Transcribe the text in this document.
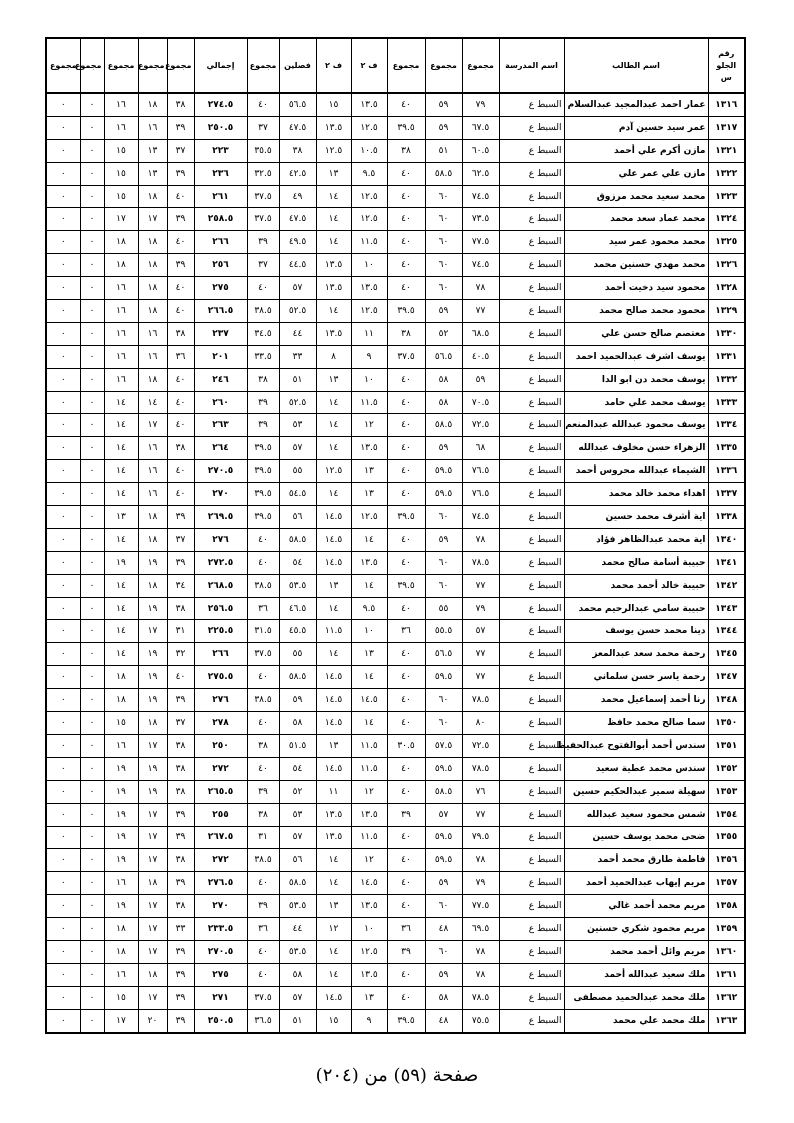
رقم الجلو س	اسم الطالب	اسم المدرسة	مجموع	مجموع	مجموع	ف ٢	ف ٢	فصلين	مجموع	إجمالي	مجموع	مجموع	مجموع	مجموع	مجموع
١٣١٦	عمار احمد عبدالمجيد عبدالسلام	السبط ع	٧٩	٥٩	٤٠	١٣.٥	١٥	٥٦.٥	٤٠	٢٧٤.٥	٣٨	١٨	١٦	٠	٠
١٣١٧	عمر سيد حسين آدم	السبط ع	٦٧.٥	٥٩	٣٩.٥	١٢.٥	١٣.٥	٤٧.٥	٣٧	٢٥٠.٥	٣٩	١٦	١٦	٠	٠
١٣٢١	مازن أكرم علي أحمد	السبط ع	٦٠.٥	٥١	٣٨	١٠.٥	١٢.٥	٣٨	٣٥.٥	٢٢٣	٣٧	١٣	١٥	٠	٠
١٣٢٢	مازن علي عمر علي	السبط ع	٦٢.٥	٥٨.٥	٤٠	٩.٥	١٣	٤٢.٥	٣٢.٥	٢٣٦	٣٩	١٣	١٥	٠	٠
١٣٢٣	محمد سعيد محمد مرزوق	السبط ع	٧٤.٥	٦٠	٤٠	١٢.٥	١٤	٤٩	٣٧.٥	٢٦١	٤٠	١٨	١٥	٠	٠
١٣٢٤	محمد عماد سعد محمد	السبط ع	٧٣.٥	٦٠	٤٠	١٢.٥	١٤	٤٧.٥	٣٧.٥	٢٥٨.٥	٣٩	١٧	١٧	٠	٠
١٣٢٥	محمد محمود عمر سيد	السبط ع	٧٧.٥	٦٠	٤٠	١١.٥	١٤	٤٩.٥	٣٩	٢٦٦	٤٠	١٨	١٨	٠	٠
١٣٢٦	محمد مهدي حسنين محمد	السبط ع	٧٤.٥	٦٠	٤٠	١٠	١٣.٥	٤٤.٥	٣٧	٢٥٦	٣٩	١٨	١٨	٠	٠
١٣٢٨	محمود سيد دخيت أحمد	السبط ع	٧٨	٦٠	٤٠	١٣.٥	١٣.٥	٥٧	٤٠	٢٧٥	٤٠	١٨	١٦	٠	٠
١٣٢٩	محمود محمد صالح محمد	السبط ع	٧٧	٥٩	٣٩.٥	١٢.٥	١٤	٥٢.٥	٣٨.٥	٢٦٦.٥	٤٠	١٨	١٦	٠	٠
١٣٣٠	معتصم صالح حسن علي	السبط ع	٦٨.٥	٥٢	٣٨	١١	١٣.٥	٤٤	٣٤.٥	٢٣٧	٣٨	١٦	١٦	٠	٠
١٣٣١	يوسف اشرف عبدالحميد احمد	السبط ع	٤٠.٥	٥٦.٥	٣٧.٥	٩	٨	٣٣	٣٣.٥	٢٠١	٣٦	١٦	١٦	٠	٠
١٣٣٢	يوسف محمد دن ابو الدا	السبط ع	٥٩	٥٨	٤٠	١٠	١٣	٥١	٣٨	٢٤٦	٤٠	١٨	١٦	٠	٠
١٣٣٣	يوسف محمد علي حامد	السبط ع	٧٠.٥	٥٨	٤٠	١١.٥	١٤	٥٢.٥	٣٩	٢٦٠	٤٠	١٤	١٤	٠	٠
١٣٣٤	يوسف محمود عبدالله عبدالمنعم	السبط ع	٧٢.٥	٥٨.٥	٤٠	١٢	١٤	٥٣	٣٩	٢٦٣	٤٠	١٧	١٤	٠	٠
١٣٣٥	الزهراء حسن مخلوف عبدالله	السبط ع	٦٨	٥٩	٤٠	١٣.٥	١٤	٥٧	٣٩.٥	٢٦٤	٣٨	١٦	١٤	٠	٠
١٣٣٦	الشيماء عبدالله محروس أحمد	السبط ع	٧٦.٥	٥٩.٥	٤٠	١٣	١٢.٥	٥٥	٣٩.٥	٢٧٠.٥	٤٠	١٦	١٤	٠	٠
١٣٣٧	اهداء محمد خالد محمد	السبط ع	٧٦.٥	٥٩.٥	٤٠	١٣	١٤	٥٤.٥	٣٩.٥	٢٧٠	٤٠	١٦	١٤	٠	٠
١٣٣٨	اية أشرف محمد حسين	السبط ع	٧٤.٥	٦٠	٣٩.٥	١٢.٥	١٤.٥	٥٦	٣٩.٥	٢٦٩.٥	٣٩	١٨	١٣	٠	٠
١٣٤٠	اية محمد عبدالظاهر فؤاد	السبط ع	٧٨	٥٩	٤٠	١٤	١٤.٥	٥٨.٥	٤٠	٢٧٦	٣٧	١٨	١٤	٠	٠
١٣٤١	حبيبة أسامة صالح محمد	السبط ع	٧٨.٥	٦٠	٤٠	١٣.٥	١٤.٥	٥٤	٤٠	٢٧٢.٥	٣٩	١٩	١٩	٠	٠
١٣٤٢	حبيبة خالد أحمد محمد	السبط ع	٧٧	٦٠	٣٩.٥	١٤	١٣	٥٣.٥	٣٨.٥	٢٦٨.٥	٣٤	١٨	١٤	٠	٠
١٣٤٣	حبيبة سامي عبدالرحيم محمد	السبط ع	٧٩	٥٥	٤٠	٩.٥	١٤	٤٦.٥	٣٦	٢٥٦.٥	٣٨	١٩	١٤	٠	٠
١٣٤٤	دينا محمد حسن يوسف	السبط ع	٥٧	٥٥.٥	٣٦	١٠	١١.٥	٤٥.٥	٣١.٥	٢٢٥.٥	٣١	١٧	١٤	٠	٠
١٣٤٥	رحمة محمد سعد عبدالمعز	السبط ع	٧٧	٥٦.٥	٤٠	١٣	١٤	٥٥	٣٧.٥	٢٦٦	٣٢	١٩	١٤	٠	٠
١٣٤٧	رحمة ياسر حسن سلماني	السبط ع	٧٧	٥٩.٥	٤٠	١٤	١٤.٥	٥٨.٥	٤٠	٢٧٥.٥	٤٠	١٩	١٨	٠	٠
١٣٤٨	رنا أحمد إسماعيل محمد	السبط ع	٧٨.٥	٦٠	٤٠	١٤.٥	١٤.٥	٥٩	٣٨.٥	٢٧٦	٣٩	١٩	١٨	٠	٠
١٣٥٠	سما صالح محمد حافظ	السبط ع	٨٠	٦٠	٤٠	١٤	١٤.٥	٥٨	٤٠	٢٧٨	٣٧	١٨	١٥	٠	٠
١٣٥١	سندس أحمد أبوالفتوح عبدالحفيظ	السبط ع	٧٢.٥	٥٧.٥	٣٠.٥	١١.٥	١٣	٥١.٥	٣٨	٢٥٠	٣٨	١٧	١٦	٠	٠
١٣٥٢	سندس محمد عطية سعيد	السبط ع	٧٨.٥	٥٩.٥	٤٠	١١.٥	١٤.٥	٥٤	٤٠	٢٧٢	٣٨	١٩	١٩	٠	٠
١٣٥٣	سهيلة سمير عبدالحكيم حسين	السبط ع	٧٦	٥٨.٥	٤٠	١٢	١١	٥٢	٣٩	٢٦٥.٥	٣٨	١٩	١٩	٠	٠
١٣٥٤	شمس محمود سعيد عبدالله	السبط ع	٧٧	٥٧	٣٩	١٣.٥	١٣.٥	٥٣	٣٨	٢٥٥	٣٩	١٧	١٩	٠	٠
١٣٥٥	ضحى محمد يوسف حسين	السبط ع	٧٩.٥	٥٩.٥	٤٠	١١.٥	١٣.٥	٥٧	٣١	٢٦٧.٥	٣٩	١٧	١٩	٠	٠
١٣٥٦	فاطمة طارق محمد أحمد	السبط ع	٧٨	٥٩.٥	٤٠	١٢	١٤	٥٦	٣٨.٥	٢٧٢	٣٨	١٧	١٩	٠	٠
١٣٥٧	مريم إيهاب عبدالحميد أحمد	السبط ع	٧٩	٥٩	٤٠	١٤.٥	١٤	٥٨.٥	٤٠	٢٧٦.٥	٣٩	١٨	١٦	٠	٠
١٣٥٨	مريم محمد أحمد غالي	السبط ع	٧٧.٥	٦٠	٤٠	١٣.٥	١٣	٥٣.٥	٣٩	٢٧٠	٣٨	١٧	١٩	٠	٠
١٣٥٩	مريم محمود شكري حسنين	السبط ع	٦٩.٥	٤٨	٣٦	١٠	١٢	٤٤	٣٦	٢٣٣.٥	٣٣	١٧	١٨	٠	٠
١٣٦٠	مريم وائل أحمد محمد	السبط ع	٧٨	٦٠	٣٩	١٢.٥	١٤	٥٣.٥	٤٠	٢٧٠.٥	٣٩	١٧	١٨	٠	٠
١٣٦١	ملك سعيد عبدالله أحمد	السبط ع	٧٨	٥٩	٤٠	١٣.٥	١٤	٥٨	٤٠	٢٧٥	٣٩	١٨	١٦	٠	٠
١٣٦٢	ملك محمد عبدالحميد مصطفى	السبط ع	٧٨.٥	٥٨	٤٠	١٣	١٤.٥	٥٧	٣٧.٥	٢٧١	٣٩	١٧	١٥	٠	٠
١٣٦٣	ملك محمد علي محمد	السبط ع	٧٥.٥	٤٨	٣٩.٥	٩	١٥	٥١	٣٦.٥	٢٥٠.٥	٣٩	٢٠	١٧	٠	٠
صفحة (٥٩) من (٢٠٤)
